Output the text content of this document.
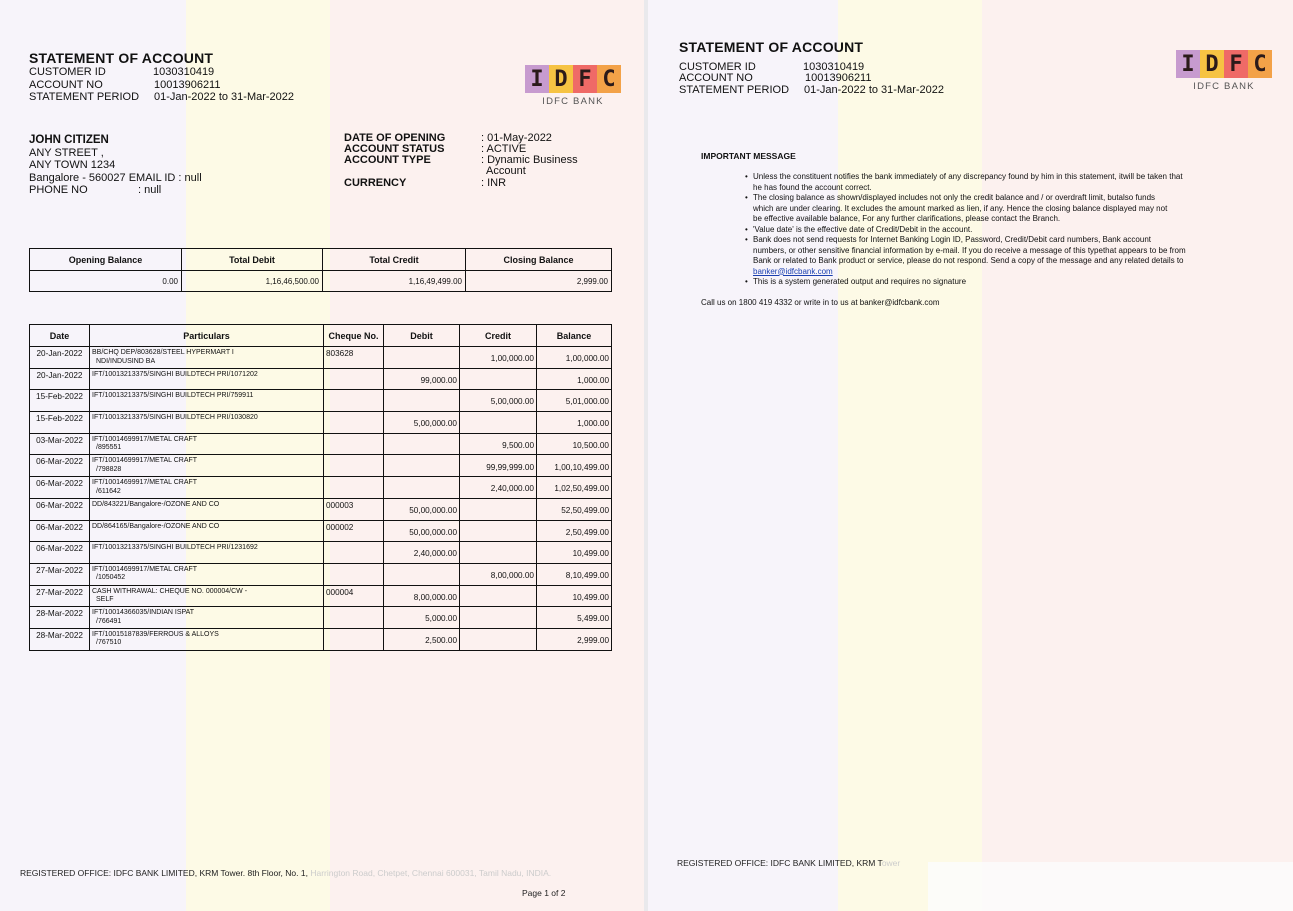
STATEMENT OF ACCOUNT
CUSTOMER ID	1030310419
ACCOUNT NO	10013906211
STATEMENT PERIOD 01-Jan-2022 to 31-Mar-2022
I D F C
IDFC BANK
JOHN CITIZEN
ANY STREET ,
ANY TOWN 1234
Bangalore - 560027 EMAIL ID : null
PHONE NO	: null
DATE OF OPENING	: 01-May-2022
ACCOUNT STATUS	: ACTIVE
ACCOUNT TYPE	: Dynamic Business
Account
CURRENCY	: INR
Opening Balance	Total Debit	Total Credit	Closing Balance
0.00	1,16,46,500.00	1,16,49,499.00	2,999.00
Date	Particulars	Cheque No.	Debit	Credit	Balance
20-Jan-2022	BB/CHQ DEP/803628/STEEL HYPERMART I
NDI/INDUSIND BA	803628		1,00,000.00	1,00,000.00
20-Jan-2022	IFT/10013213375/SINGHI BUILDTECH PRI/1071202		99,000.00		1,000.00
15-Feb-2022	IFT/10013213375/SINGHI BUILDTECH PRI/759911			5,00,000.00	5,01,000.00
15-Feb-2022	IFT/10013213375/SINGHI BUILDTECH PRI/1030820		5,00,000.00		1,000.00
03-Mar-2022	IFT/10014699917/METAL CRAFT
/895551			9,500.00	10,500.00
06-Mar-2022	IFT/10014699917/METAL CRAFT
/798828			99,99,999.00	1,00,10,499.00
06-Mar-2022	IFT/10014699917/METAL CRAFT
/611642			2,40,000.00	1,02,50,499.00
06-Mar-2022	DD/843221/Bangalore-/OZONE AND CO	000003	50,00,000.00		52,50,499.00
06-Mar-2022	DD/864165/Bangalore-/OZONE AND CO	000002	50,00,000.00		2,50,499.00
06-Mar-2022	IFT/10013213375/SINGHI BUILDTECH PRI/1231692		2,40,000.00		10,499.00
27-Mar-2022	IFT/10014699917/METAL CRAFT
/1050452			8,00,000.00	8,10,499.00
27-Mar-2022	CASH WITHRAWAL: CHEQUE NO. 000004/CW -
SELF	000004	8,00,000.00		10,499.00
28-Mar-2022	IFT/10014366035/INDIAN ISPAT
/766491		5,000.00		5,499.00
28-Mar-2022	IFT/10015187839/FERROUS & ALLOYS
/767510		2,500.00		2,999.00
REGISTERED OFFICE: IDFC BANK LIMITED, KRM Tower. 8th Floor, No. 1, Harrington Road, Chetpet, Chennai 600031, Tamil Nadu, INDIA.
Page 1 of 2
STATEMENT OF ACCOUNT
CUSTOMER ID	1030310419
ACCOUNT NO	10013906211
STATEMENT PERIOD 01-Jan-2022 to 31-Mar-2022
I D F C
IDFC BANK
IMPORTANT MESSAGE
• Unless the constituent notifies the bank immediately of any discrepancy found by him in this statement, itwill be taken that
he has found the account correct.
• The closing balance as shown/displayed includes not only the credit balance and / or overdraft limit, butalso funds
which are under clearing. It excludes the amount marked as lien, if any. Hence the closing balance displayed may not
be effective available balance, For any further clarifications, please contact the Branch.
• 'Value date' is the effective date of Credit/Debit in the account.
• Bank does not send requests for Internet Banking Login ID, Password, Credit/Debit card numbers, Bank account
numbers, or other sensitive financial information by e-mail. If you do receive a message of this typethat appears to be from
Bank or related to Bank product or service, please do not respond. Send a copy of the message and any related details to
banker@idfcbank.com
• This is a system generated output and requires no signature
Call us on 1800 419 4332 or write in to us at banker@idfcbank.com
REGISTERED OFFICE: IDFC BANK LIMITED, KRM Tower
